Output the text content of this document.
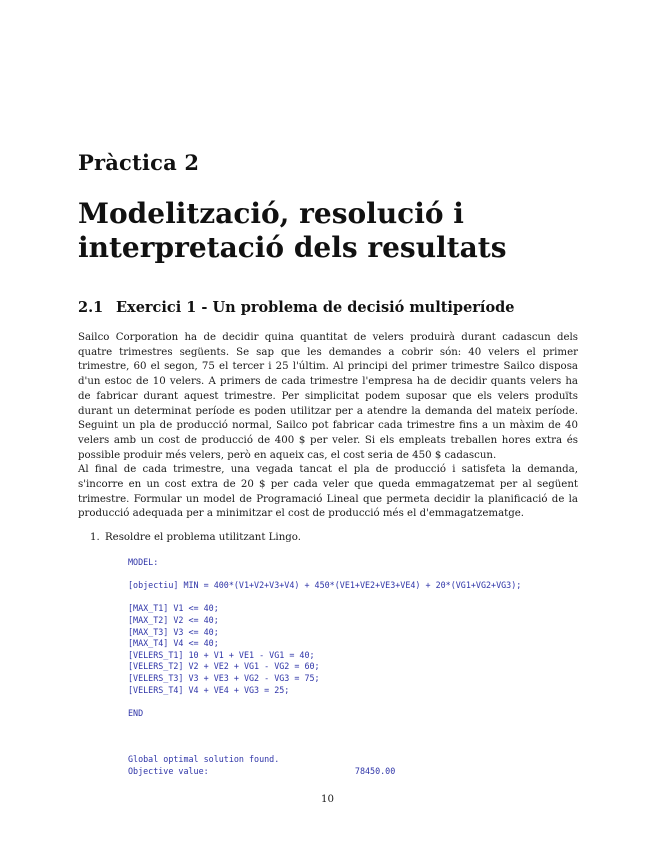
Pràctica 2
Modelització, resolució i interpretació dels resultats
2.1 Exercici 1 - Un problema de decisió multiperíode

Sailco Corporation ha de decidir quina quantitat de velers produirà durant cadascun dels quatre trimestres següents. Se sap que les demandes a cobrir són: 40 velers el primer trimestre, 60 el segon, 75 el tercer i 25 l'últim. Al principi del primer trimestre Sailco disposa d'un estoc de 10 velers. A primers de cada trimestre l'empresa ha de decidir quants velers ha de fabricar durant aquest trimestre. Per simplicitat podem suposar que els velers produïts durant un determinat període es poden utilitzar per a atendre la demanda del mateix període. Seguint un pla de producció normal, Sailco pot fabricar cada trimestre fins a un màxim de 40 velers amb un cost de producció de 400 $ per veler. Si els empleats treballen hores extra és possible produir més velers, però en aqueix cas, el cost seria de 450 $ cadascun.

Al final de cada trimestre, una vegada tancat el pla de producció i satisfeta la demanda, s'incorre en un cost extra de 20 $ per cada veler que queda emmagatzemat per al següent trimestre. Formular un model de Programació Lineal que permeta decidir la planificació de la producció adequada per a minimitzar el cost de producció més el d'emmagatzematge.

1. Resoldre el problema utilitzant Lingo.
MODEL:
[objectiu] MIN = 400*(V1+V2+V3+V4) + 450*(VE1+VE2+VE3+VE4) + 20*(VG1+VG2+VG3);
[MAX_T1] V1 <= 40;
[MAX_T2] V2 <= 40;
[MAX_T3] V3 <= 40;
[MAX_T4] V4 <= 40;
[VELERS_T1] 10 + V1 + VE1 - VG1 = 40;
[VELERS_T2] V2 + VE2 + VG1 - VG2 = 60;
[VELERS_T3] V3 + VE3 + VG2 - VG3 = 75;
[VELERS_T4] V4 + VE4 + VG3 = 25;
END
Global optimal solution found.
Objective value:                             78450.00
10
